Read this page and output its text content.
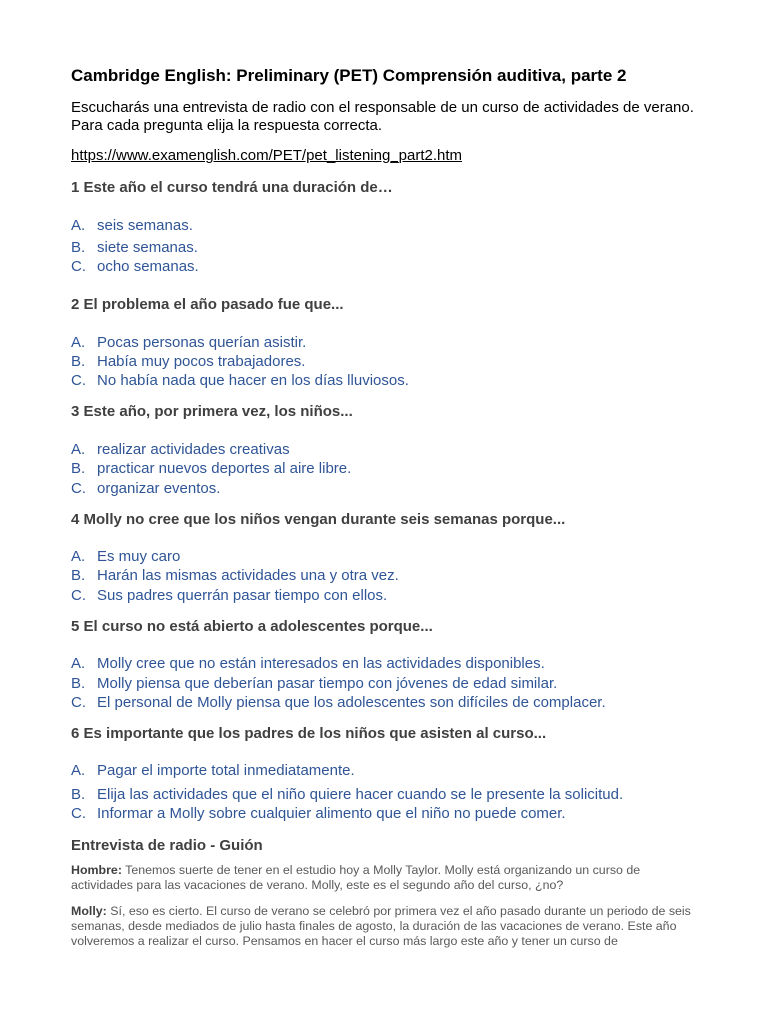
Cambridge English: Preliminary (PET) Comprensión auditiva, parte 2
Escucharás una entrevista de radio con el responsable de un curso de actividades de verano. Para cada pregunta elija la respuesta correcta.
https://www.examenglish.com/PET/pet_listening_part2.htm
1 Este año el curso tendrá una duración de…
A. seis semanas.
B. siete semanas.
C. ocho semanas.
2 El problema el año pasado fue que...
A. Pocas personas querían asistir.
B. Había muy pocos trabajadores.
C. No había nada que hacer en los días lluviosos.
3 Este año, por primera vez, los niños...
A. realizar actividades creativas
B. practicar nuevos deportes al aire libre.
C. organizar eventos.
4 Molly no cree que los niños vengan durante seis semanas porque...
A. Es muy caro
B. Harán las mismas actividades una y otra vez.
C. Sus padres querrán pasar tiempo con ellos.
5 El curso no está abierto a adolescentes porque...
A. Molly cree que no están interesados en las actividades disponibles.
B. Molly piensa que deberían pasar tiempo con jóvenes de edad similar.
C. El personal de Molly piensa que los adolescentes son difíciles de complacer.
6 Es importante que los padres de los niños que asisten al curso...
A. Pagar el importe total inmediatamente.
B. Elija las actividades que el niño quiere hacer cuando se le presente la solicitud.
C. Informar a Molly sobre cualquier alimento que el niño no puede comer.
Entrevista de radio - Guión
Hombre: Tenemos suerte de tener en el estudio hoy a Molly Taylor. Molly está organizando un curso de actividades para las vacaciones de verano. Molly, este es el segundo año del curso, ¿no?
Molly: Sí, eso es cierto. El curso de verano se celebró por primera vez el año pasado durante un periodo de seis semanas, desde mediados de julio hasta finales de agosto, la duración de las vacaciones de verano. Este año volveremos a realizar el curso. Pensamos en hacer el curso más largo este año y tener un curso de
